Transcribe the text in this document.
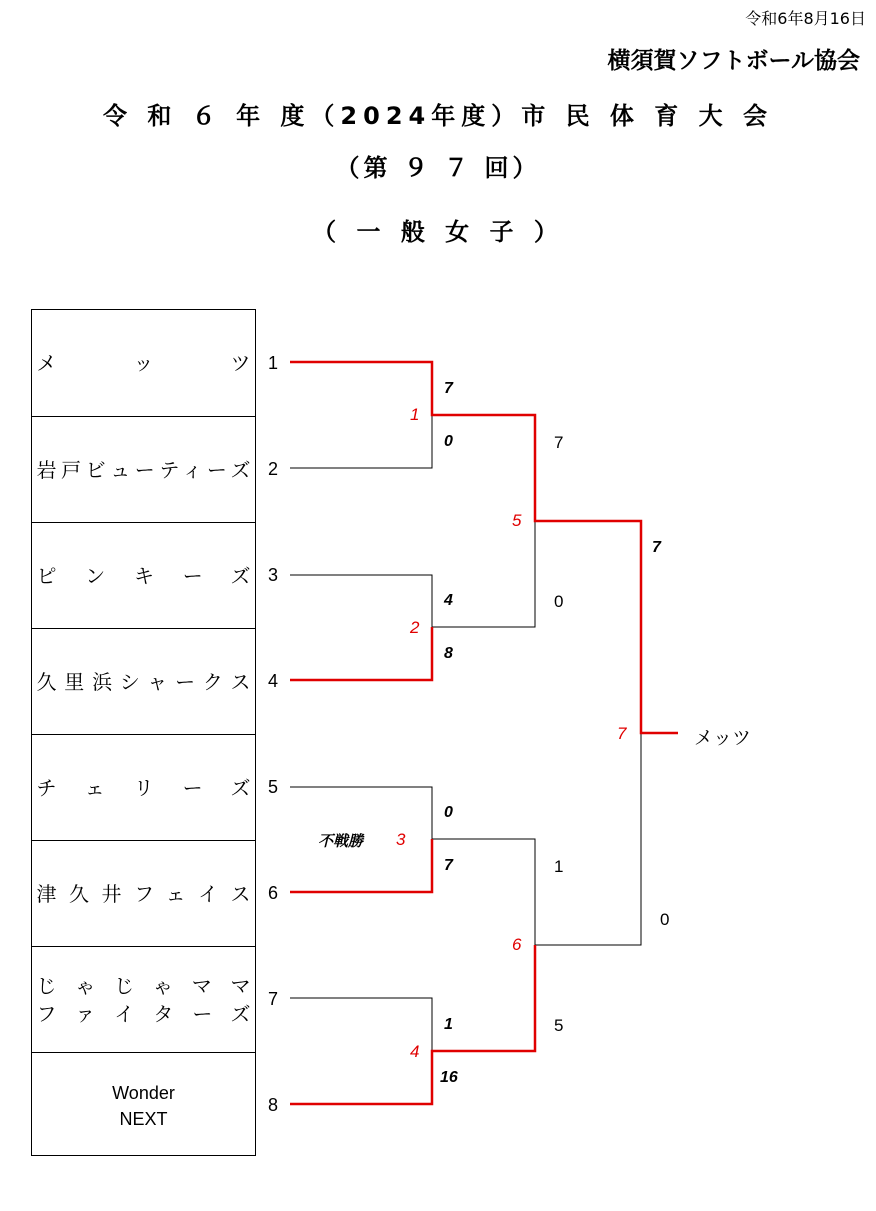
令和6年8月16日
横須賀ソフトボール協会
令 和 ６ 年 度（2024年度）市 民 体 育 大 会
（第 ９ ７ 回）
（ 一 般 女 子 ）
メッツ
岩戸ビューティーズ
ピンキーズ
久里浜シャークス
チェリーズ
津久井フェイス
じゃじゃママ
ファイターズ
Wonder
NEXT
1
2
3
4
5
6
7
8
7
0
4
8
0
7
1
16
1
2
3
不戦勝
4
7
0
1
5
5
6
7
0
7	メッツ
